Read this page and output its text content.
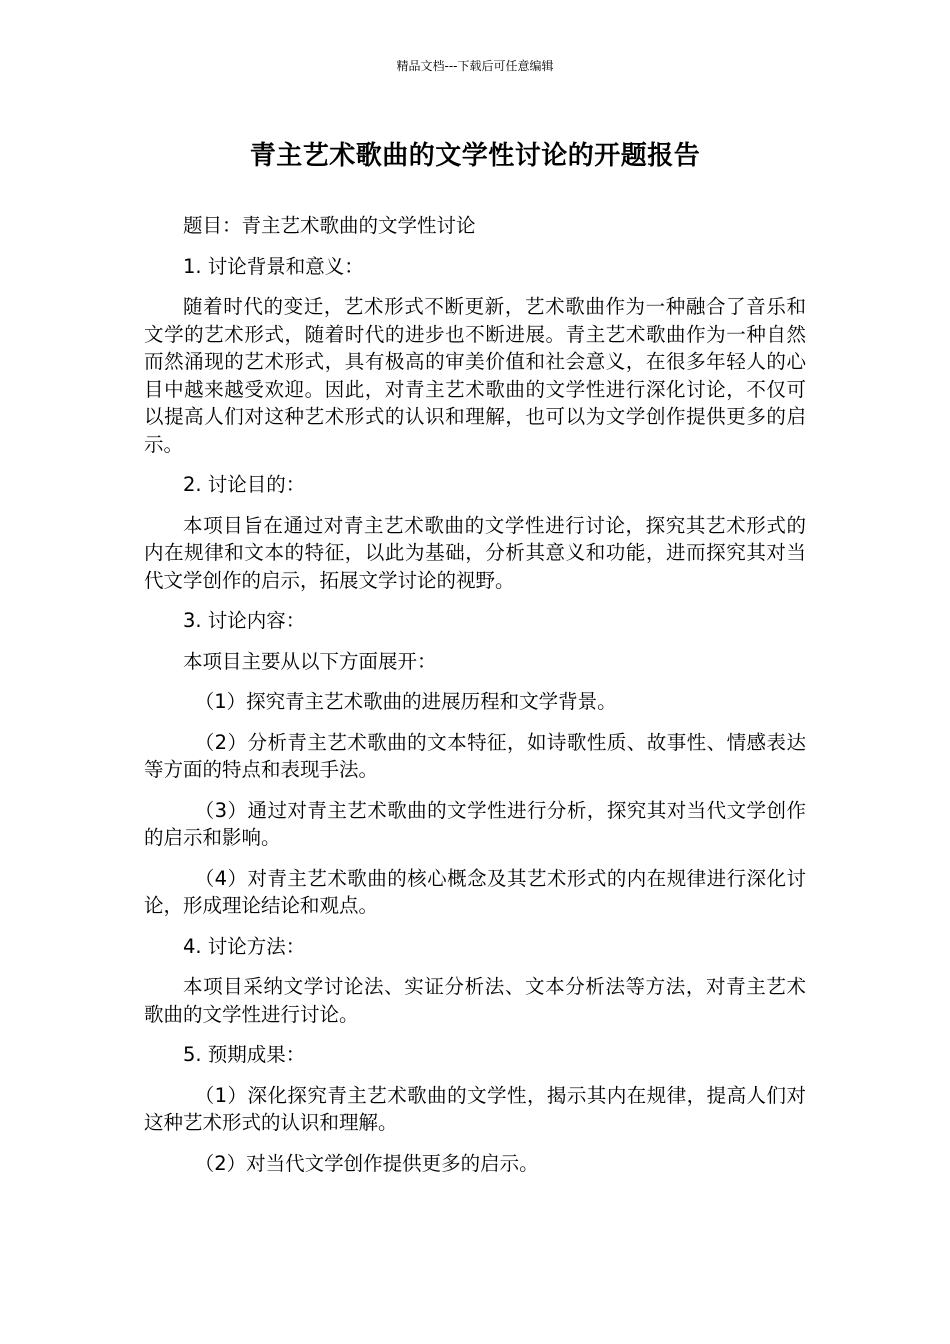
精品文档---下载后可任意编辑
青主艺术歌曲的文学性讨论的开题报告

题目：青主艺术歌曲的文学性讨论

1. 讨论背景和意义：

随着时代的变迁，艺术形式不断更新，艺术歌曲作为一种融合了音乐和文学的艺术形式，随着时代的进步也不断进展。青主艺术歌曲作为一种自然而然涌现的艺术形式，具有极高的审美价值和社会意义，在很多年轻人的心目中越来越受欢迎。因此，对青主艺术歌曲的文学性进行深化讨论，不仅可以提高人们对这种艺术形式的认识和理解，也可以为文学创作提供更多的启示。

2. 讨论目的：

本项目旨在通过对青主艺术歌曲的文学性进行讨论，探究其艺术形式的内在规律和文本的特征，以此为基础，分析其意义和功能，进而探究其对当代文学创作的启示，拓展文学讨论的视野。

3. 讨论内容：

本项目主要从以下方面展开：

（1）探究青主艺术歌曲的进展历程和文学背景。

（2）分析青主艺术歌曲的文本特征，如诗歌性质、故事性、情感表达等方面的特点和表现手法。

（3）通过对青主艺术歌曲的文学性进行分析，探究其对当代文学创作的启示和影响。

（4）对青主艺术歌曲的核心概念及其艺术形式的内在规律进行深化讨论，形成理论结论和观点。

4. 讨论方法：

本项目采纳文学讨论法、实证分析法、文本分析法等方法，对青主艺术歌曲的文学性进行讨论。

5. 预期成果：

（1）深化探究青主艺术歌曲的文学性，揭示其内在规律，提高人们对这种艺术形式的认识和理解。

（2）对当代文学创作提供更多的启示。
